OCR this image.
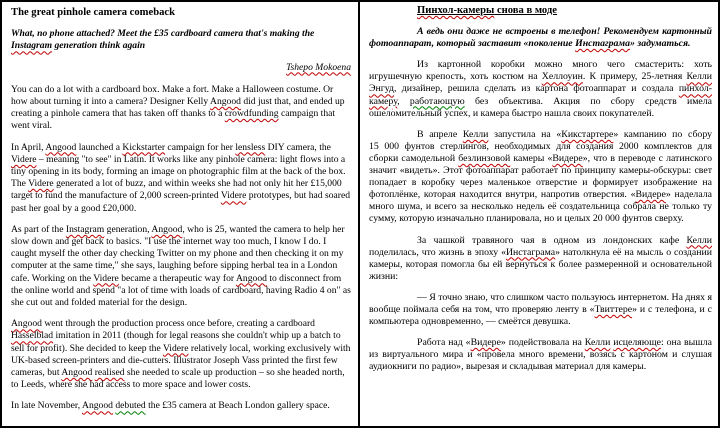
The great pinhole camera comeback

What, no phone attached? Meet the £35 cardboard camera that's making the Instagram generation think again

Tshepo Mokoena

You can do a lot with a cardboard box. Make a fort. Make a Halloween costume. Or how about turning it into a camera? Designer Kelly Angood did just that, and ended up creating a pinhole camera that has taken off thanks to a crowdfunding campaign that went viral.

In April, Angood launched a Kickstarter campaign for her lensless DIY camera, the Videre – meaning "to see" in Latin. It works like any pinhole camera: light flows into a tiny opening in its body, forming an image on photographic film at the back of the box. The Videre generated a lot of buzz, and within weeks she had not only hit her £15,000 target to fund the manufacture of 2,000 screen-printed Videre prototypes, but had soared past her goal by a good £20,000.

As part of the Instagram generation, Angood, who is 25, wanted the camera to help her slow down and get back to basics. "I use the internet way too much, I know I do. I caught myself the other day checking Twitter on my phone and then checking it on my computer at the same time," she says, laughing before sipping herbal tea in a London cafe. Working on the Videre became a therapeutic way for Angood to disconnect from the online world and spend "a lot of time with loads of cardboard, having Radio 4 on" as she cut out and folded material for the design.

Angood went through the production process once before, creating a cardboard Hasselblad imitation in 2011 (though for legal reasons she couldn't whip up a batch to sell for profit). She decided to keep the Videre relatively local, working exclusively with UK-based screen-printers and die-cutters. Illustrator Joseph Vass printed the first few cameras, but Angood realised she needed to scale up production – so she headed north, to Leeds, where she had access to more space and lower costs.

In late November, Angood debuted the £35 camera at Beach London gallery space.

Пинхол-камеры снова в моде

А ведь они даже не встроены в телефон! Рекомендуем картонный фотоаппарат, который заставит «поколение Инстаграма» задуматься.

Из картонной коробки можно много чего смастерить: хоть игрушечную крепость, хоть костюм на Хеллоуин. К примеру, 25-летняя Келли Энгуд, дизайнер, решила сделать из картона фотоаппарат и создала пинхол-камеру, работающую без объектива. Акция по сбору средств имела ошеломительный успех, и камера быстро нашла своих покупателей.

В апреле Келли запустила на «Кикстартере» кампанию по сбору 15 000 фунтов стерлингов, необходимых для создания 2000 комплектов для сборки самодельной безлинзовой камеры «Видере», что в переводе с латинского значит «видеть». Этот фотоаппарат работает по принципу камеры-обскуры: свет попадает в коробку через маленькое отверстие и формирует изображение на фотоплёнке, которая находится внутри, напротив отверстия. «Видере» наделала много шума, и всего за несколько недель её создательница собрала не только ту сумму, которую изначально планировала, но и целых 20 000 фунтов сверху.

За чашкой травяного чая в одном из лондонских кафе Келли поделилась, что жизнь в эпоху «Инстаграма» натолкнула её на мысль о создании камеры, которая помогла бы ей вернуться к более размеренной и основательной жизни:

— Я точно знаю, что слишком часто пользуюсь интернетом. На днях я вообще поймала себя на том, что проверяю ленту в «Твиттере» и с телефона, и с компьютера одновременно, — смеётся девушка.

Работа над «Видере» подействовала на Келли исцеляюще: она вышла из виртуального мира и «провела много времени, возясь с картоном и слушая аудиокниги по радио», вырезая и складывая материал для камеры.
